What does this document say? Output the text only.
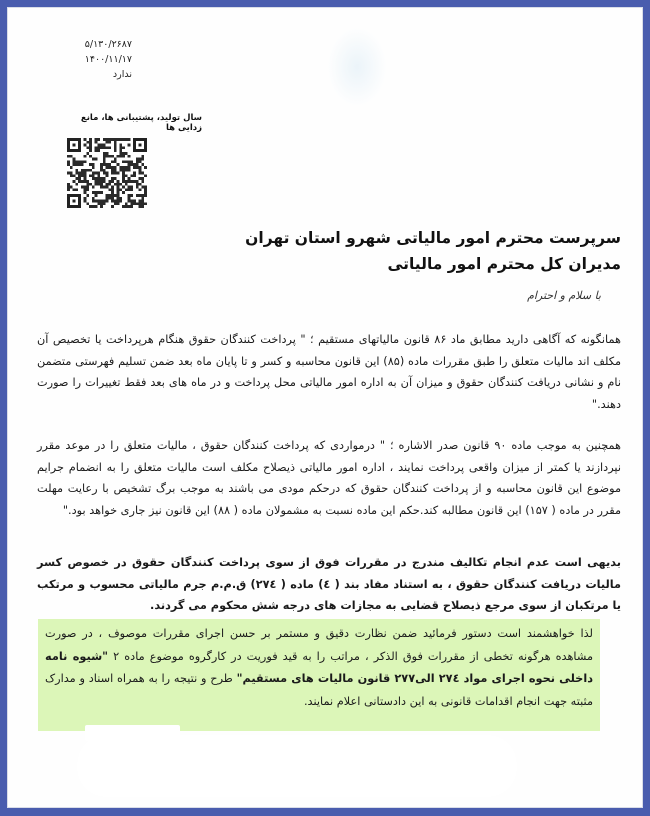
۵/۱۳۰/۲۶۸۷
۱۴۰۰/۱۱/۱۷
ندارد
سال تولید، پشتیبانی ها، مانع زدایی ها
سرپرست محترم امور مالیاتی شهرو استان تهران
مدیران کل محترم امور مالیاتی
با سلام و احترام

همانگونه که آگاهی دارید مطابق ماد ۸۶ قانون مالیاتهای مستقیم ؛ " پرداخت کنندگان حقوق هنگام هرپرداخت یا تخصیص آن مکلف اند مالیات متعلق را طبق مقررات ماده (۸۵) این قانون محاسبه و کسر و تا پایان ماه بعد ضمن تسلیم فهرستی متضمن نام و نشانی دریافت کنندگان حقوق و میزان آن به اداره امور مالیاتی محل پرداخت و در ماه های بعد فقط تغییرات را صورت دهند."

همچنین به موجب ماده ۹۰ قانون صدر الاشاره ؛ " درمواردی که پرداخت کنندگان حقوق ، مالیات متعلق را در موعد مقرر نپردازند یا کمتر از میزان واقعی پرداخت نمایند ، اداره امور مالیاتی ذیصلاح مکلف است مالیات متعلق را به انضمام جرایم موضوع این قانون محاسبه و از پرداخت کنندگان حقوق که درحکم مودی می باشند به موجب برگ تشخیص با رعایت مهلت مقرر در ماده ( ۱۵۷) این قانون مطالبه کند.حکم این ماده نسبت به مشمولان ماده ( ۸۸) این قانون نیز جاری خواهد بود."

بدیهی است عدم انجام تکالیف مندرج در مقررات فوق از سوی پرداخت کنندگان حقوق در خصوص کسر مالیات دریافت کنندگان حقوق ، به استناد مفاد بند ( ٤) ماده ( ۲۷٤) ق.م.م جرم مالیاتی محسوب و مرتکب یا مرتکبان از سوی مرجع ذیصلاح قضایی به مجازات های درجه شش محکوم می گردند.

لذا خواهشمند است دستور فرمائید ضمن نظارت دقیق و مستمر بر حسن اجرای مقررات موصوف ، در صورت مشاهده هرگونه تخطی از مقررات فوق الذکر ، مراتب را به قید فوریت در کارگروه موضوع ماده ۲ "شیوه نامه داخلی نحوه اجرای مواد ۲۷٤ الی۲۷۷ قانون مالیات های مستقیم" طرح و نتیجه را به همراه اسناد و مدارک مثبته جهت انجام اقدامات قانونی به این دادستانی اعلام نمایند.
